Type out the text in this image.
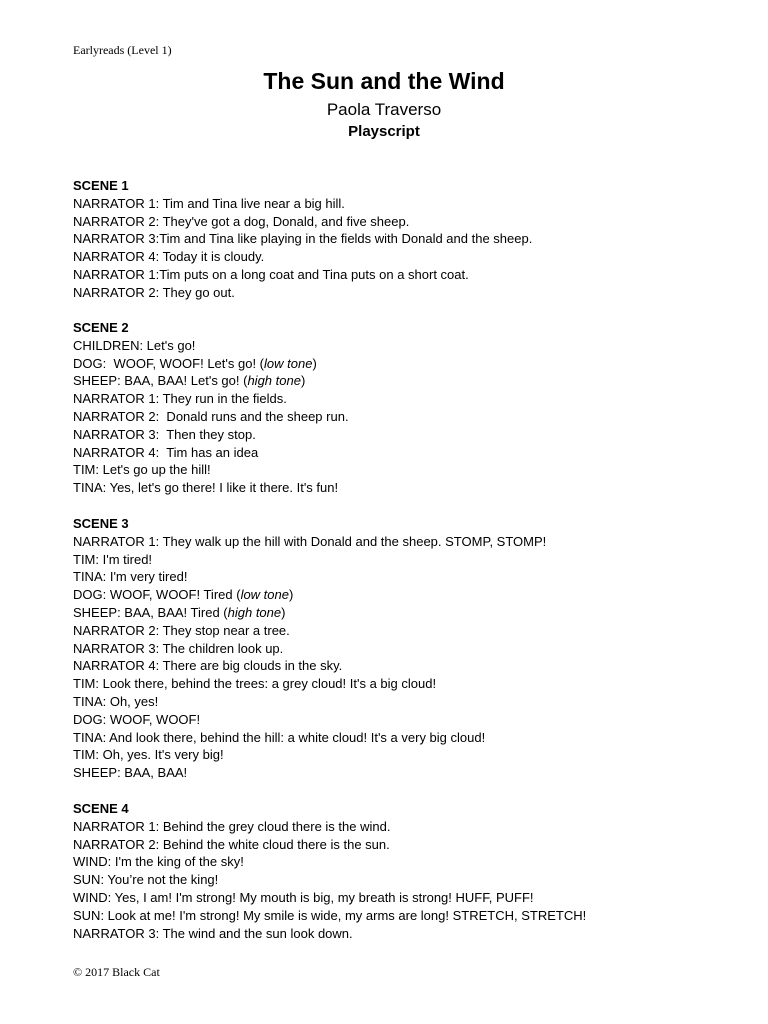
Earlyreads (Level 1)
The Sun and the Wind
Paola Traverso
Playscript
SCENE 1
NARRATOR 1: Tim and Tina live near a big hill.
NARRATOR 2: They've got a dog, Donald, and five sheep.
NARRATOR 3:Tim and Tina like playing in the fields with Donald and the sheep.
NARRATOR 4: Today it is cloudy.
NARRATOR 1:Tim puts on a long coat and Tina puts on a short coat.
NARRATOR 2: They go out.
SCENE 2
CHILDREN: Let's go!
DOG:  WOOF, WOOF! Let's go! (low tone)
SHEEP: BAA, BAA! Let's go! (high tone)
NARRATOR 1: They run in the fields.
NARRATOR 2:  Donald runs and the sheep run.
NARRATOR 3:  Then they stop.
NARRATOR 4:  Tim has an idea
TIM: Let's go up the hill!
TINA: Yes, let's go there! I like it there. It's fun!
SCENE 3
NARRATOR 1: They walk up the hill with Donald and the sheep. STOMP, STOMP!
TIM: I'm tired!
TINA: I'm very tired!
DOG: WOOF, WOOF! Tired (low tone)
SHEEP: BAA, BAA! Tired (high tone)
NARRATOR 2: They stop near a tree.
NARRATOR 3: The children look up.
NARRATOR 4: There are big clouds in the sky.
TIM: Look there, behind the trees: a grey cloud! It's a big cloud!
TINA: Oh, yes!
DOG: WOOF, WOOF!
TINA: And look there, behind the hill: a white cloud! It's a very big cloud!
TIM: Oh, yes. It's very big!
SHEEP: BAA, BAA!
SCENE 4
NARRATOR 1: Behind the grey cloud there is the wind.
NARRATOR 2: Behind the white cloud there is the sun.
WIND: I'm the king of the sky!
SUN: You’re not the king!
WIND: Yes, I am! I'm strong! My mouth is big, my breath is strong! HUFF, PUFF!
SUN: Look at me! I'm strong! My smile is wide, my arms are long! STRETCH, STRETCH!
NARRATOR 3: The wind and the sun look down.
© 2017 Black Cat
